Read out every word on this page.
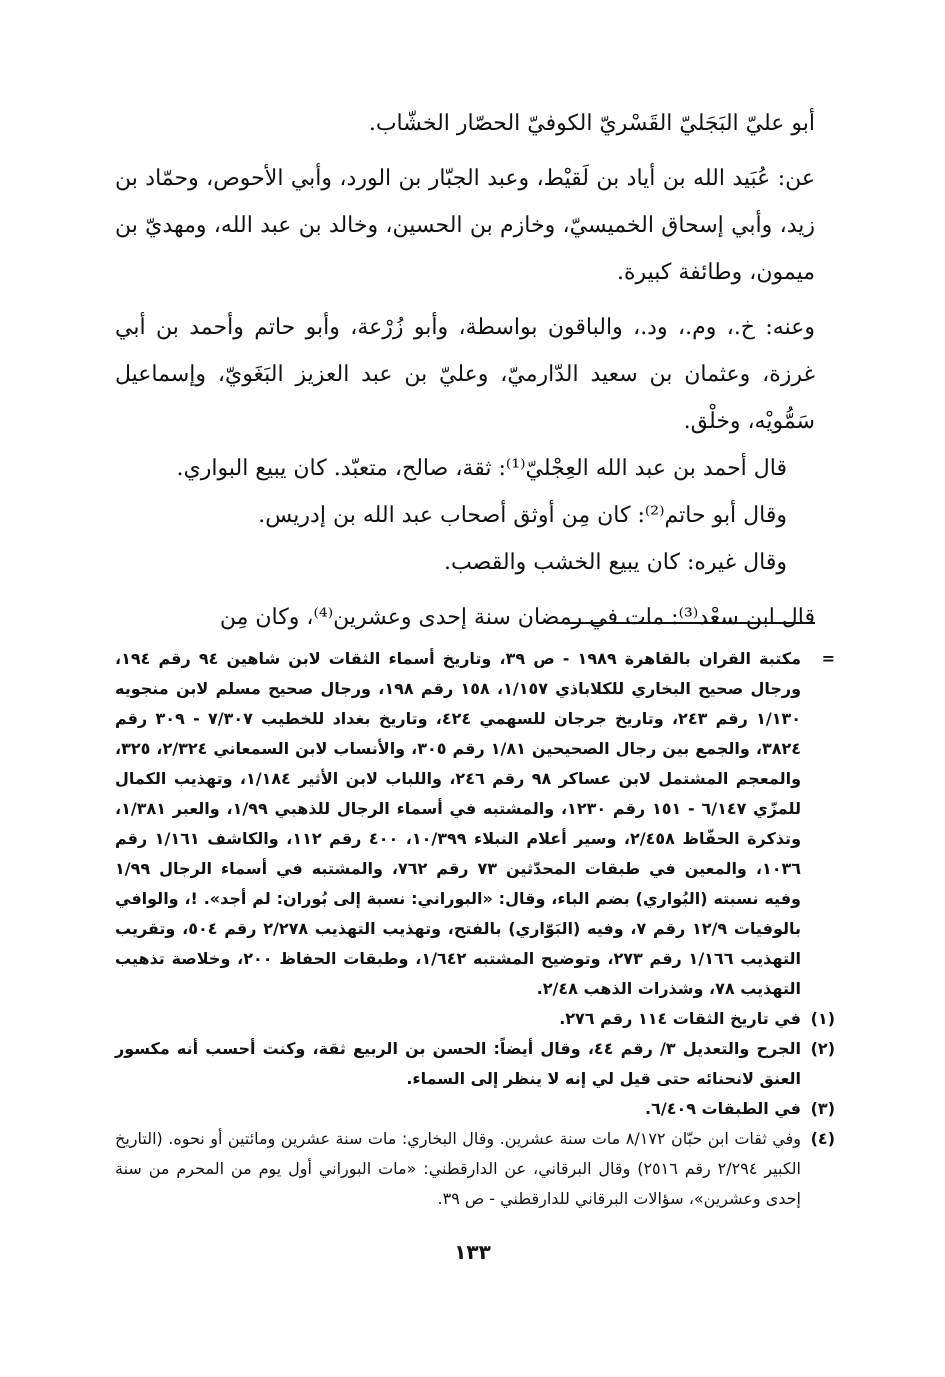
أبو عليّ البَجَليّ القَسْريّ الكوفيّ الحصّار الخشّاب.

عن: عُبَيد الله بن أياد بن لَقيْط، وعبد الجبّار بن الورد، وأبي الأحوص، وحمّاد بن زيد، وأبي إسحاق الخميسيّ، وخازم بن الحسين، وخالد بن عبد الله، ومهديّ بن ميمون، وطائفة كبيرة.

وعنه: خ.، وم.، ود.، والباقون بواسطة، وأبو زُرْعة، وأبو حاتم وأحمد بن أبي غرزة، وعثمان بن سعيد الدّارميّ، وعليّ بن عبد العزيز البَغَويّ، وإسماعيل سَمُّويْه، وخلْق.

قال أحمد بن عبد الله العِجْليّ⁽¹⁾: ثقة، صالح، متعبّد. كان يبيع البواري.

وقال أبو حاتم⁽²⁾: كان مِن أوثق أصحاب عبد الله بن إدريس.

وقال غيره: كان يبيع الخشب والقصب.

قال ابن سعْد⁽³⁾: مات في رمضان سنة إحدى وعشرين⁽⁴⁾، وكان مِن

=
مكتبة القران بالقاهرة ١٩٨٩ - ص ٣٩، وتاريخ أسماء الثقات لابن شاهين ٩٤ رقم ١٩٤، ورجال صحيح البخاري للكلاباذي ١/١٥٧، ١٥٨ رقم ١٩٨، ورجال صحيح مسلم لابن منجويه ١/١٣٠ رقم ٢٤٣، وتاريخ جرجان للسهمي ٤٢٤، وتاريخ بغداد للخطيب ٧/٣٠٧ - ٣٠٩ رقم ٣٨٢٤، والجمع بين رجال الصحيحين ١/٨١ رقم ٣٠٥، والأنساب لابن السمعاني ٢/٣٢٤، ٣٢٥، والمعجم المشتمل لابن عساكر ٩٨ رقم ٢٤٦، واللباب لابن الأثير ١/١٨٤، وتهذيب الكمال للمزّي ٦/١٤٧ - ١٥١ رقم ١٢٣٠، والمشتبه في أسماء الرجال للذهبي ١/٩٩، والعبر ١/٣٨١، وتذكرة الحفّاظ ٢/٤٥٨، وسير أعلام النبلاء ١٠/٣٩٩، ٤٠٠ رقم ١١٢، والكاشف ١/١٦١ رقم ١٠٣٦، والمعين في طبقات المحدّثين ٧٣ رقم ٧٦٢، والمشتبه في أسماء الرجال ١/٩٩ وفيه نسبته (البُواري) بضم الباء، وقال: «البوراني: نسبة إلى بُوران: لم أجد». !، والوافي بالوفيات ١٢/٩ رقم ٧، وفيه (البَوّاري) بالفتح، وتهذيب التهذيب ٢/٢٧٨ رقم ٥٠٤، وتقريب التهذيب ١/١٦٦ رقم ٢٧٣، وتوضيح المشتبه ١/٦٤٢، وطبقات الحفاظ ٢٠٠، وخلاصة تذهيب التهذيب ٧٨، وشذرات الذهب ٢/٤٨.
(١)
في تاريخ الثقات ١١٤ رقم ٢٧٦.
(٢)
الجرح والتعديل ٣/ رقم ٤٤، وقال أيضاً: الحسن بن الربيع ثقة، وكنت أحسب أنه مكسور العنق لانحنائه حتى قيل لي إنه لا ينظر إلى السماء.
(٣)
في الطبقات ٦/٤٠٩.
(٤)
وفي ثقات ابن حبّان ٨/١٧٢ مات سنة عشرين. وقال البخاري: مات سنة عشرين ومائتين أو نحوه. (التاريخ الكبير ٢/٢٩٤ رقم ٢٥١٦) وقال البرقاني، عن الدارقطني: «مات البوراني أول يوم من المحرم من سنة إحدى وعشرين»، سؤالات البرقاني للدارقطني - ص ٣٩.
١٣٣
